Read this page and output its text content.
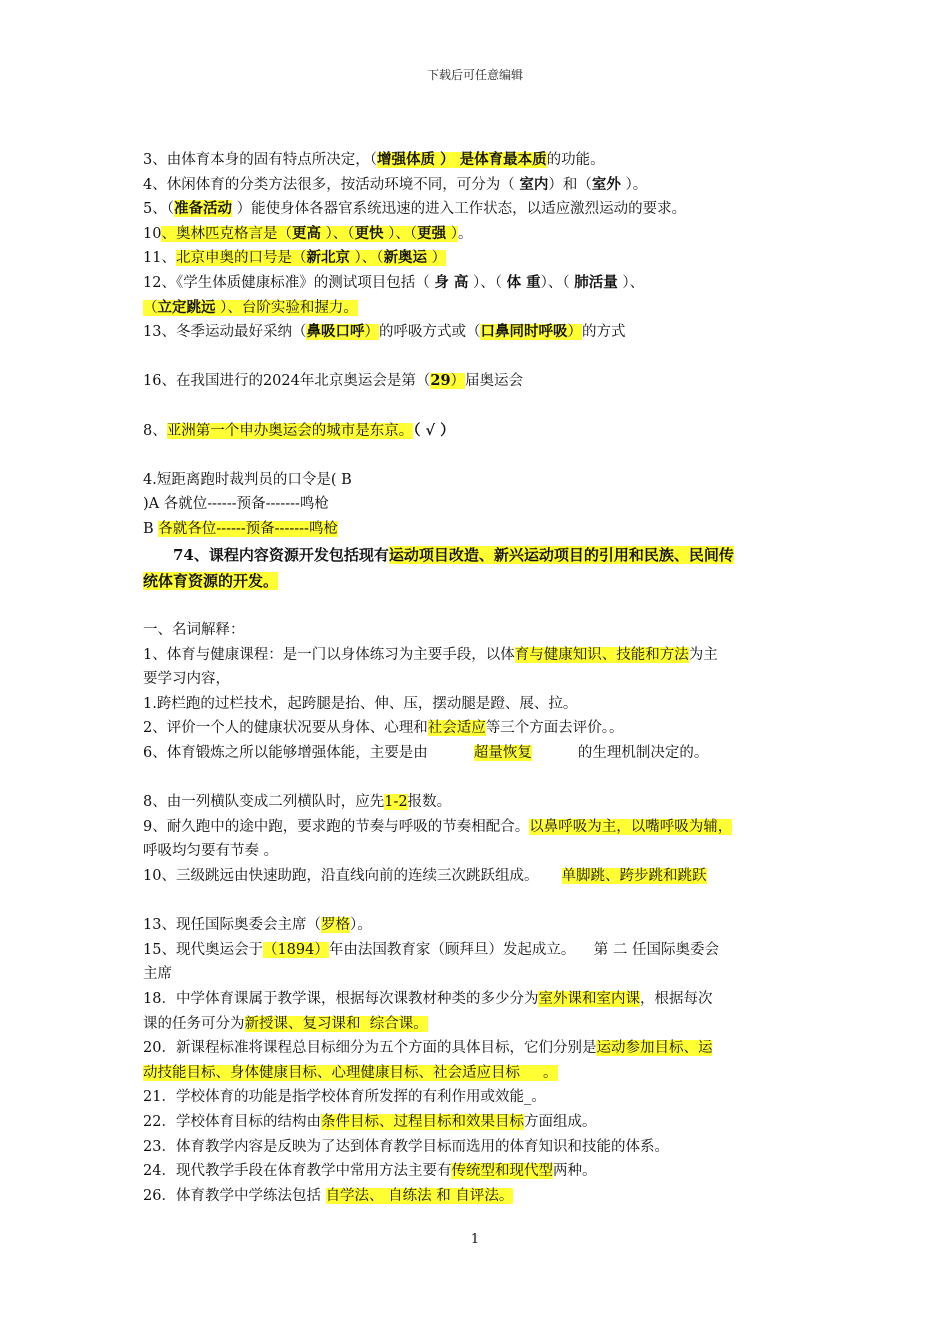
下载后可任意编辑
3、由体育本身的固有特点所决定，（增强体质 ） 是体育最本质的功能。
4、休闲体育的分类方法很多，按活动环境不同，可分为（ 室内）和（室外 ）。
5、（准备活动 ）能使身体各器官系统迅速的进入工作状态，以适应激烈运动的要求。
10、奥林匹克格言是（更高 ）、（更快 ）、（更强 ）。
11、北京申奥的口号是（新北京 ）、（新奥运 ）
12、《学生体质健康标准》的测试项目包括（ 身 高 ）、（ 体 重）、（ 肺活量 ）、
（立定跳远 ）、台阶实验和握力。
13、冬季运动最好采纳（鼻吸口呼）的呼吸方式或（口鼻同时呼吸）的方式
16、在我国进行的2024年北京奥运会是第（29）届奥运会
8、亚洲第一个申办奥运会的城市是东京。（ √ ）
4.短距离跑时裁判员的口令是( B
)A 各就位------预备-------鸣枪
B 各就各位------预备-------鸣枪
74、课程内容资源开发包括现有运动项目改造、新兴运动项目的引用和民族、民间传
统体育资源的开发。
一、名词解释：
1、体育与健康课程：是一门以身体练习为主要手段，以体育与健康知识、技能和方法为主
要学习内容，
1.跨栏跑的过栏技术，起跨腿是抬、伸、压，摆动腿是蹬、展、拉。
2、评价一个人的健康状况要从身体、心理和社会适应等三个方面去评价。。
6、体育锻炼之所以能够增强体能，主要是由          超量恢复          的生理机制决定的。
8、由一列横队变成二列横队时，应先1-2报数。
9、耐久跑中的途中跑，要求跑的节奏与呼吸的节奏相配合。以鼻呼吸为主，以嘴呼吸为辅，
呼吸均匀要有节奏 。
10、三级跳远由快速助跑，沿直线向前的连续三次跳跃组成。     单脚跳、跨步跳和跳跃
13、现任国际奥委会主席（罗格）。
15、现代奥运会于（1894）年由法国教育家（顾拜旦）发起成立。    第 二 任国际奥委会
主席
18．中学体育课属于教学课，根据每次课教材种类的多少分为室外课和室内课，根据每次
课的任务可分为新授课、复习课和  综合课。
20．新课程标准将课程总目标细分为五个方面的具体目标，它们分别是运动参加目标、运
动技能目标、身体健康目标、心理健康目标、社会适应目标     。
21．学校体育的功能是指学校体育所发挥的有利作用或效能_。
22．学校体育目标的结构由条件目标、过程目标和效果目标方面组成。
23．体育教学内容是反映为了达到体育教学目标而选用的体育知识和技能的体系。
24．现代教学手段在体育教学中常用方法主要有传统型和现代型两种。
26．体育教学中学练法包括 自学法、 自练法 和 自评法。
1
